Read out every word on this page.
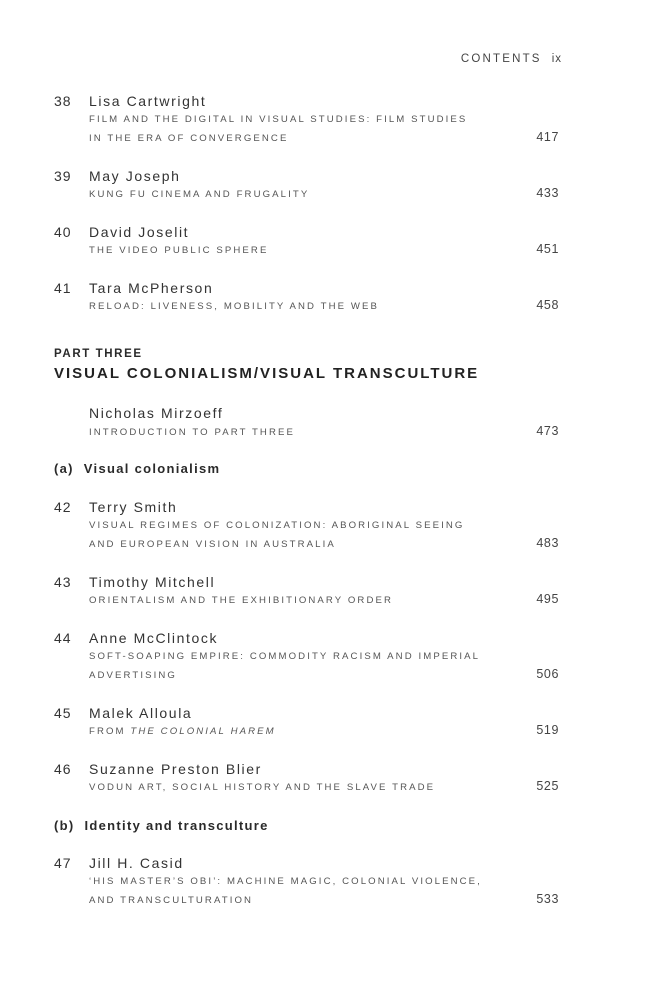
CONTENTS ix
38 Lisa Cartwright
FILM AND THE DIGITAL IN VISUAL STUDIES: FILM STUDIES
IN THE ERA OF CONVERGENCE	417
39 May Joseph
KUNG FU CINEMA AND FRUGALITY	433
40 David Joselit
THE VIDEO PUBLIC SPHERE	451
41 Tara McPherson
RELOAD: LIVENESS, MOBILITY AND THE WEB	458
PART THREE
VISUAL COLONIALISM/VISUAL TRANSCULTURE
Nicholas Mirzoeff
INTRODUCTION TO PART THREE	473
(a) Visual colonialism
42 Terry Smith
VISUAL REGIMES OF COLONIZATION: ABORIGINAL SEEING
AND EUROPEAN VISION IN AUSTRALIA	483
43 Timothy Mitchell
ORIENTALISM AND THE EXHIBITIONARY ORDER	495
44 Anne McClintock
SOFT-SOAPING EMPIRE: COMMODITY RACISM AND IMPERIAL
ADVERTISING	506
45 Malek Alloula
FROM THE COLONIAL HAREM	519
46 Suzanne Preston Blier
VODUN ART, SOCIAL HISTORY AND THE SLAVE TRADE	525
(b) Identity and transculture
47 Jill H. Casid
‘HIS MASTER’S OBI’: MACHINE MAGIC, COLONIAL VIOLENCE,
AND TRANSCULTURATION	533
